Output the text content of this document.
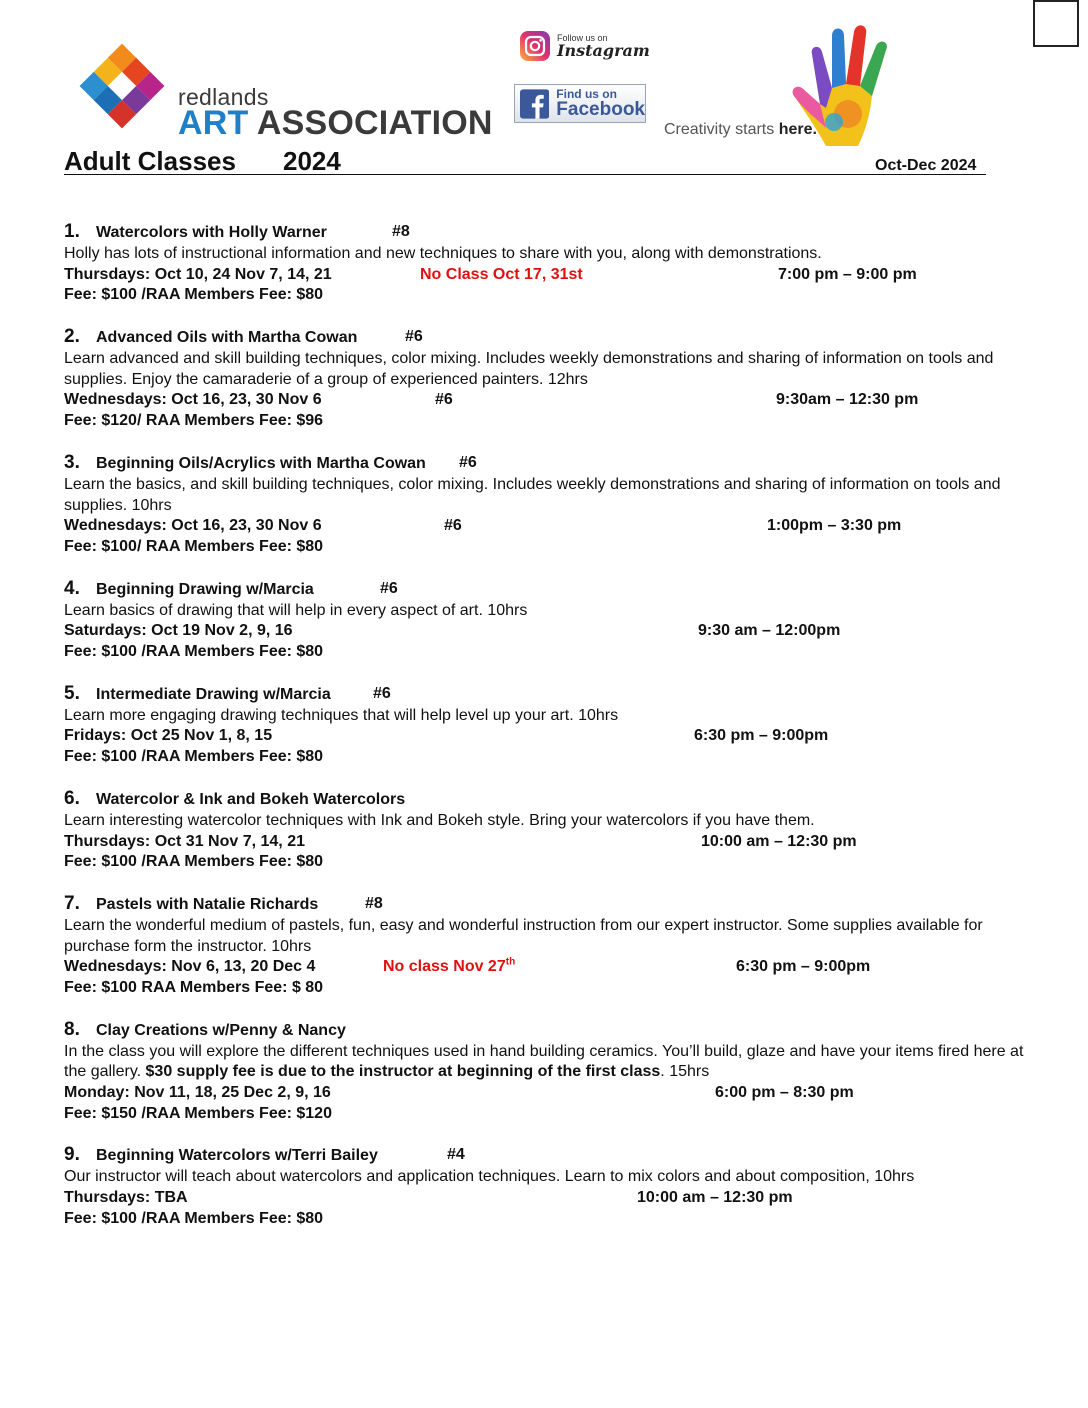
redlands
ART ASSOCIATION
Follow us on
Instagram
Find us on
Facebook
Creativity starts here.
Adult Classes 2024	Oct-Dec 2024
1. Watercolors with Holly Warner	#8
Holly has lots of instructional information and new techniques to share with you, along with demonstrations.
Thursdays: Oct 10, 24 Nov 7, 14, 21	No Class Oct 17, 31st	7:00 pm – 9:00 pm
Fee: $100 /RAA Members Fee: $80
2. Advanced Oils with Martha Cowan	#6
Learn advanced and skill building techniques, color mixing. Includes weekly demonstrations and sharing of information on tools and supplies. Enjoy the camaraderie of a group of experienced painters. 12hrs
Wednesdays: Oct 16, 23, 30 Nov 6	#6	9:30am – 12:30 pm
Fee: $120/ RAA Members Fee: $96
3. Beginning Oils/Acrylics with Martha Cowan #6
Learn the basics, and skill building techniques, color mixing. Includes weekly demonstrations and sharing of information on tools and supplies. 10hrs
Wednesdays: Oct 16, 23, 30 Nov 6	#6	1:00pm – 3:30 pm
Fee: $100/ RAA Members Fee: $80
4. Beginning Drawing w/Marcia	#6
Learn basics of drawing that will help in every aspect of art. 10hrs
Saturdays: Oct 19 Nov 2, 9, 16	9:30 am – 12:00pm
Fee: $100 /RAA Members Fee: $80
5. Intermediate Drawing w/Marcia	#6
Learn more engaging drawing techniques that will help level up your art. 10hrs
Fridays: Oct 25 Nov 1, 8, 15	6:30 pm – 9:00pm
Fee: $100 /RAA Members Fee: $80
6. Watercolor & Ink and Bokeh Watercolors
Learn interesting watercolor techniques with Ink and Bokeh style. Bring your watercolors if you have them.
Thursdays: Oct 31 Nov 7, 14, 21	10:00 am – 12:30 pm
Fee: $100 /RAA Members Fee: $80
7. Pastels with Natalie Richards	#8
Learn the wonderful medium of pastels, fun, easy and wonderful instruction from our expert instructor. Some supplies available for purchase form the instructor. 10hrs
Wednesdays: Nov 6, 13, 20 Dec 4	No class Nov 27th	6:30 pm – 9:00pm
Fee: $100 RAA Members Fee: $ 80
8. Clay Creations w/Penny & Nancy
In the class you will explore the different techniques used in hand building ceramics. You’ll build, glaze and have your items fired here at the gallery. $30 supply fee is due to the instructor at beginning of the first class. 15hrs
Monday: Nov 11, 18, 25 Dec 2, 9, 16	6:00 pm – 8:30 pm
Fee: $150 /RAA Members Fee: $120
9. Beginning Watercolors w/Terri Bailey	#4
Our instructor will teach about watercolors and application techniques. Learn to mix colors and about composition, 10hrs
Thursdays: TBA	10:00 am – 12:30 pm
Fee: $100 /RAA Members Fee: $80
